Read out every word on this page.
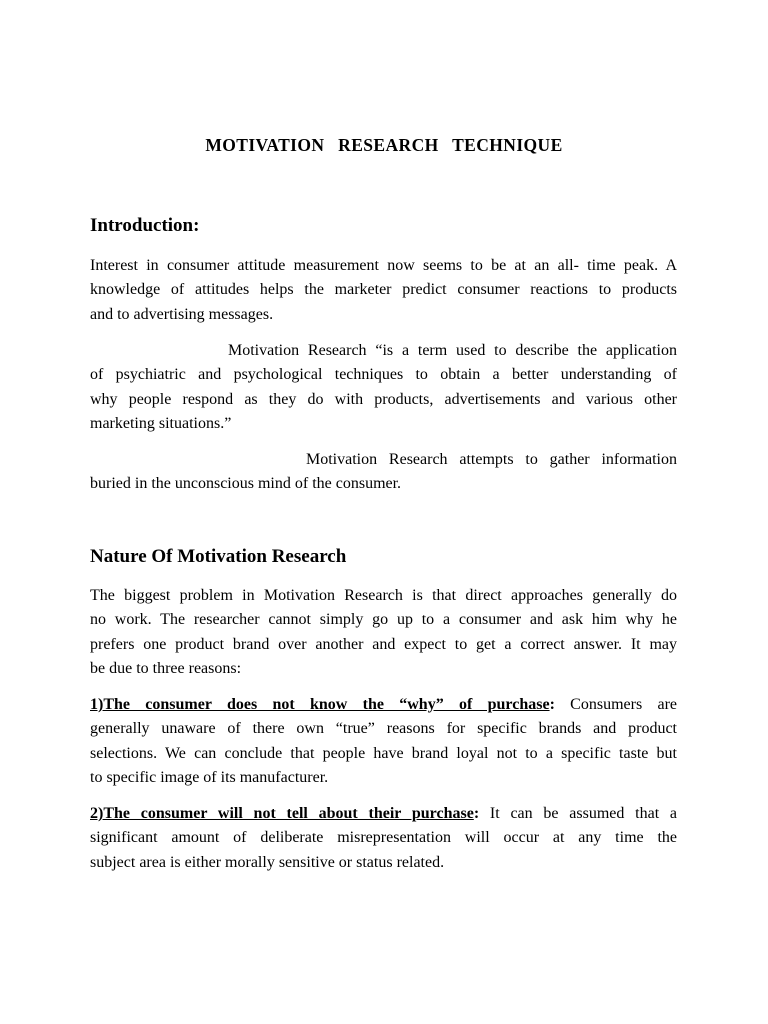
MOTIVATION RESEARCH TECHNIQUE
Introduction:
Interest in consumer attitude measurement now seems to be at an all- time peak. A
knowledge of attitudes helps the marketer predict consumer reactions to products
and to advertising messages.
Motivation Research “is a term used to describe the application
of psychiatric and psychological techniques to obtain a better understanding of
why people respond as they do with products, advertisements and various other
marketing situations.”
Motivation Research attempts to gather information
buried in the unconscious mind of the consumer.
Nature Of Motivation Research
The biggest problem in Motivation Research is that direct approaches generally do
no work. The researcher cannot simply go up to a consumer and ask him why he
prefers one product brand over another and expect to get a correct answer. It may
be due to three reasons:
1)The consumer does not know the “why” of purchase: Consumers are
generally unaware of there own “true” reasons for specific brands and product
selections. We can conclude that people have brand loyal not to a specific taste but
to specific image of its manufacturer.
2)The consumer will not tell about their purchase: It can be assumed that a
significant amount of deliberate misrepresentation will occur at any time the
subject area is either morally sensitive or status related.
